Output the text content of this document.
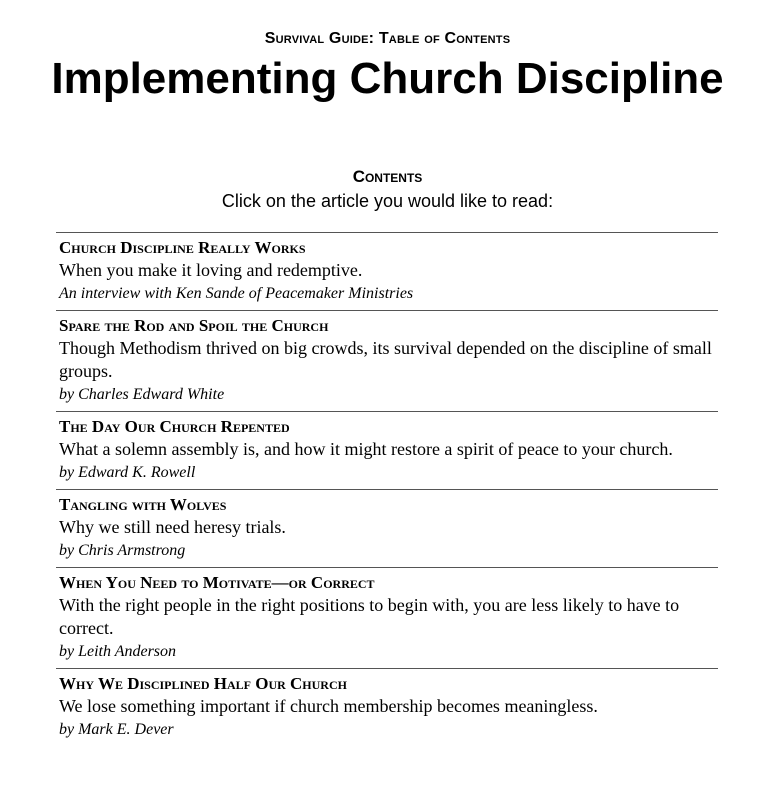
Survival Guide: Table of Contents
Implementing Church Discipline
Contents
Click on the article you would like to read:
Church Discipline Really Works
When you make it loving and redemptive.
An interview with Ken Sande of Peacemaker Ministries
Spare the Rod and Spoil the Church
Though Methodism thrived on big crowds, its survival depended on the discipline of small groups.
by Charles Edward White
The Day Our Church Repented
What a solemn assembly is, and how it might restore a spirit of peace to your church.
by Edward K. Rowell
Tangling with Wolves
Why we still need heresy trials.
by Chris Armstrong
When You Need to Motivate—or Correct
With the right people in the right positions to begin with, you are less likely to have to correct.
by Leith Anderson
Why We Disciplined Half Our Church
We lose something important if church membership becomes meaningless.
by Mark E. Dever
